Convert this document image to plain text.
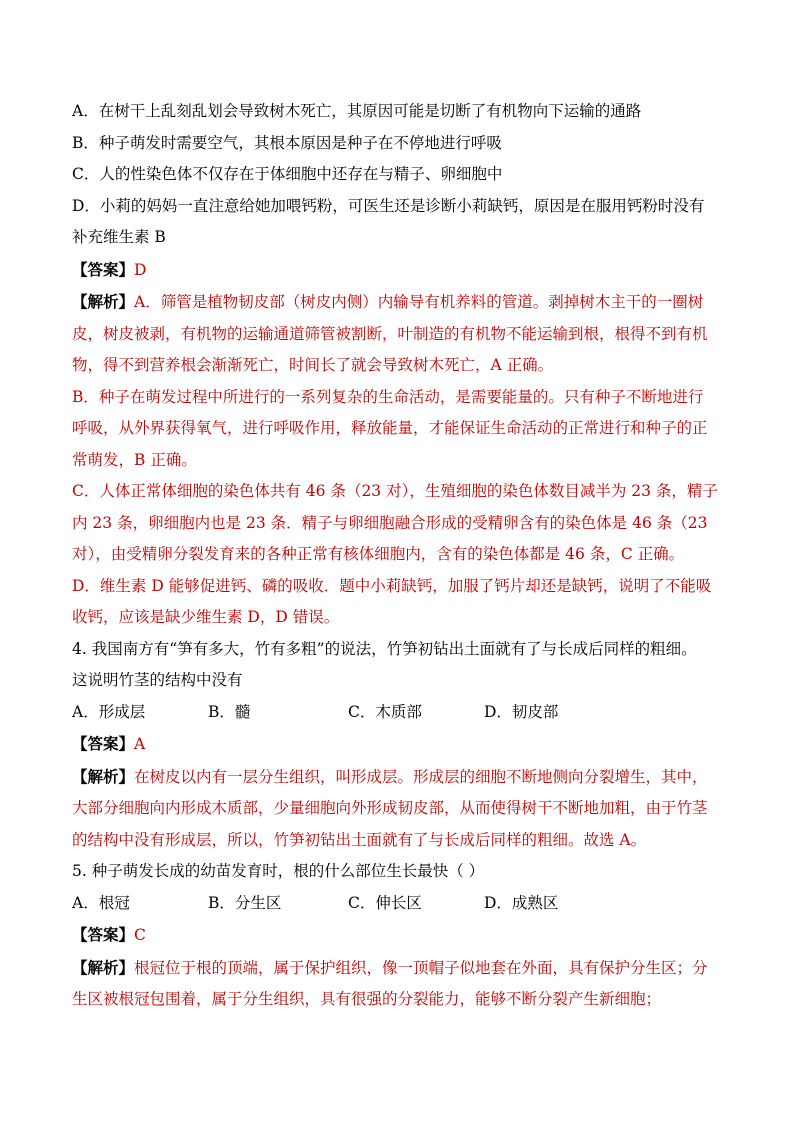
A．在树干上乱刻乱划会导致树木死亡，其原因可能是切断了有机物向下运输的通路
B．种子萌发时需要空气，其根本原因是种子在不停地进行呼吸
C．人的性染色体不仅存在于体细胞中还存在与精子、卵细胞中
D．小莉的妈妈一直注意给她加喂钙粉，可医生还是诊断小莉缺钙，原因是在服用钙粉时没有
补充维生素 B
【答案】D
【解析】A．筛管是植物韧皮部（树皮内侧）内输导有机养料的管道。剥掉树木主干的一圈树
皮，树皮被剥，有机物的运输通道筛管被割断，叶制造的有机物不能运输到根，根得不到有机
物，得不到营养根会渐渐死亡，时间长了就会导致树木死亡，A 正确。
B．种子在萌发过程中所进行的一系列复杂的生命活动，是需要能量的。只有种子不断地进行
呼吸，从外界获得氧气，进行呼吸作用，释放能量，才能保证生命活动的正常进行和种子的正
常萌发，B 正确。
C．人体正常体细胞的染色体共有 46 条（23 对），生殖细胞的染色体数目减半为 23 条，精子
内 23 条，卵细胞内也是 23 条．精子与卵细胞融合形成的受精卵含有的染色体是 46 条（23
对），由受精卵分裂发育来的各种正常有核体细胞内，含有的染色体都是 46 条，C 正确。
D．维生素 D 能够促进钙、磷的吸收．题中小莉缺钙，加服了钙片却还是缺钙，说明了不能吸
收钙，应该是缺少维生素 D，D 错误。
4. 我国南方有“笋有多大，竹有多粗”的说法，竹笋初钻出土面就有了与长成后同样的粗细。
这说明竹茎的结构中没有
A．形成层	B．髓	C．木质部	D．韧皮部
【答案】A
【解析】在树皮以内有一层分生组织，叫形成层。形成层的细胞不断地侧向分裂增生，其中，
大部分细胞向内形成木质部，少量细胞向外形成韧皮部，从而使得树干不断地加粗，由于竹茎
的结构中没有形成层，所以，竹笋初钻出土面就有了与长成后同样的粗细。故选 A。
5. 种子萌发长成的幼苗发育时，根的什么部位生长最快（ ）
A．根冠	B．分生区	C．伸长区	D．成熟区
【答案】C
【解析】根冠位于根的顶端，属于保护组织，像一顶帽子似地套在外面，具有保护分生区；分
生区被根冠包围着，属于分生组织，具有很强的分裂能力，能够不断分裂产生新细胞；
